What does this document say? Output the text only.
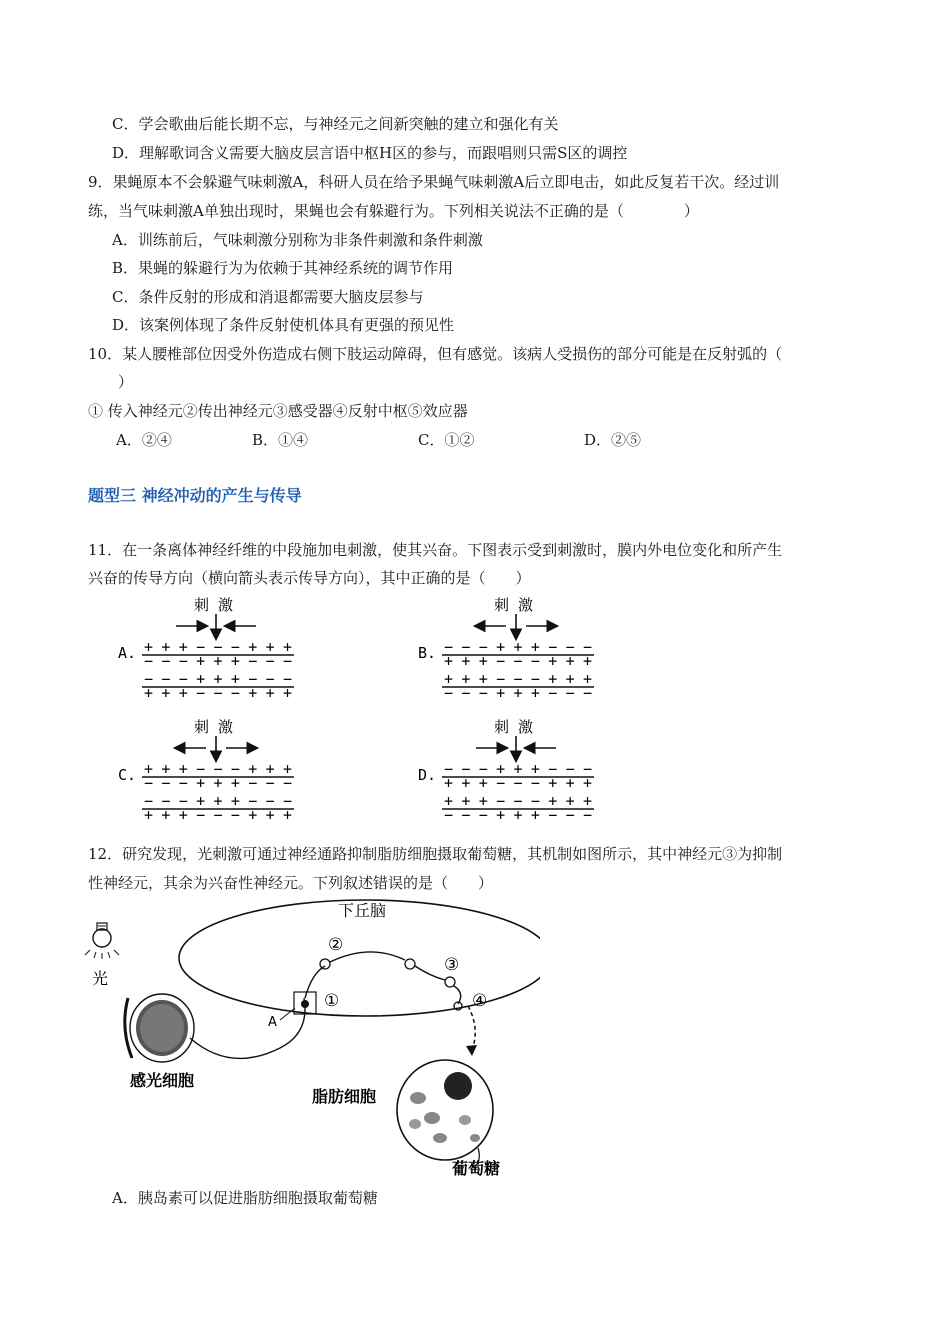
C．学会歌曲后能长期不忘，与神经元之间新突触的建立和强化有关
D．理解歌词含义需要大脑皮层言语中枢H区的参与，而跟唱则只需S区的调控
9．果蝇原本不会躲避气味刺激A，科研人员在给予果蝇气味刺激A后立即电击，如此反复若干次。经过训
练，当气味刺激A单独出现时，果蝇也会有躲避行为。下列相关说法不正确的是（　　　　）
A．训练前后，气味刺激分别称为非条件刺激和条件刺激
B．果蝇的躲避行为为依赖于其神经系统的调节作用
C．条件反射的形成和消退都需要大脑皮层参与
D．该案例体现了条件反射使机体具有更强的预见性
10．某人腰椎部位因受外伤造成右侧下肢运动障碍，但有感觉。该病人受损伤的部分可能是在反射弧的（
　　）
① 传入神经元②传出神经元③感受器④反射中枢⑤效应器
A．②④	B．①④	C．①②	D．②⑤
题型三 神经冲动的产生与传导
11．在一条离体神经纤维的中段施加电刺激，使其兴奋。下图表示受到刺激时，膜内外电位变化和所产生
兴奋的传导方向（横向箭头表示传导方向），其中正确的是（　　）
A.
刺 激
+++−−−+++
−−−+++−−−
−−−+++−−−
+++−−−+++
B.
刺 激
−−−+++−−−
+++−−−+++
+++−−−+++
−−−+++−−−
C.
刺 激
+++−−−+++
−−−+++−−−
−−−+++−−−
+++−−−+++
D.
刺 激
−−−+++−−−
+++−−−+++
+++−−−+++
−−−+++−−−
12．研究发现，光刺激可通过神经通路抑制脂肪细胞摄取葡萄糖，其机制如图所示，其中神经元③为抑制
性神经元，其余为兴奋性神经元。下列叙述错误的是（　　）
下丘脑
光
感光细胞
A
②
①
③
④
脂肪细胞
葡萄糖
A．胰岛素可以促进脂肪细胞摄取葡萄糖
